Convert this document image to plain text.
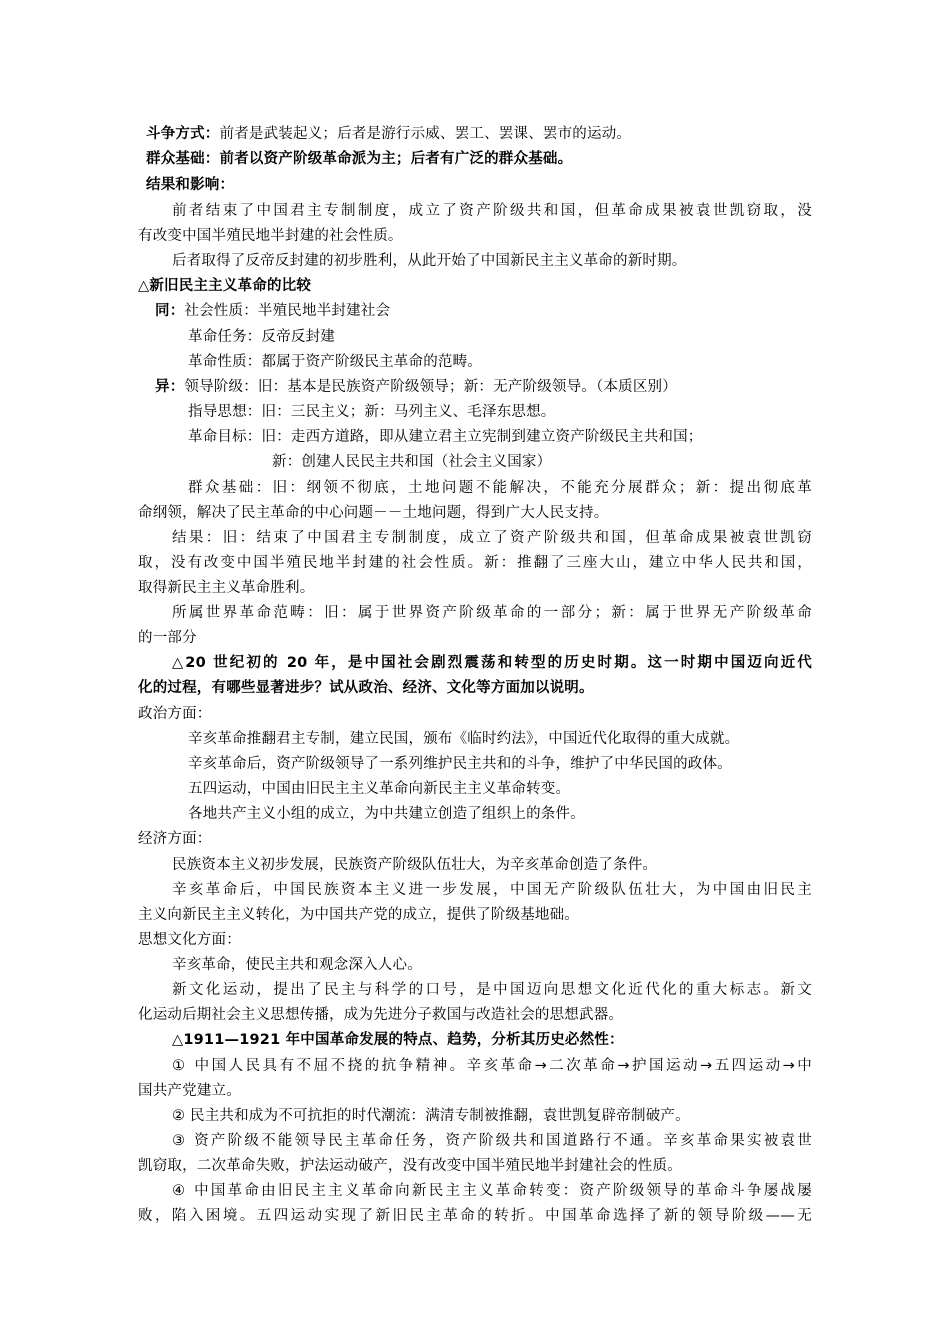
斗争方式：前者是武装起义；后者是游行示威、罢工、罢课、罢市的运动。
群众基础：前者以资产阶级革命派为主；后者有广泛的群众基础。
结果和影响：
前者结束了中国君主专制制度，成立了资产阶级共和国，但革命成果被袁世凯窃取，没
有改变中国半殖民地半封建的社会性质。
后者取得了反帝反封建的初步胜利，从此开始了中国新民主主义革命的新时期。
△新旧民主主义革命的比较
同：社会性质：半殖民地半封建社会
革命任务：反帝反封建
革命性质：都属于资产阶级民主革命的范畴。
异：领导阶级：旧：基本是民族资产阶级领导；新：无产阶级领导。（本质区别）
指导思想：旧：三民主义；新：马列主义、毛泽东思想。
革命目标：旧：走西方道路，即从建立君主立宪制到建立资产阶级民主共和国；
新：创建人民民主共和国（社会主义国家）
群众基础：旧：纲领不彻底，土地问题不能解决，不能充分展群众；新：提出彻底革
命纲领，解决了民主革命的中心问题－－土地问题，得到广大人民支持。
结果：旧：结束了中国君主专制制度，成立了资产阶级共和国，但革命成果被袁世凯窃
取，没有改变中国半殖民地半封建的社会性质。新：推翻了三座大山，建立中华人民共和国，
取得新民主主义革命胜利。
所属世界革命范畴：旧：属于世界资产阶级革命的一部分；新：属于世界无产阶级革命
的一部分
△20 世纪初的 20 年，是中国社会剧烈震荡和转型的历史时期。这一时期中国迈向近代
化的过程，有哪些显著进步？试从政治、经济、文化等方面加以说明。
政治方面：
辛亥革命推翻君主专制，建立民国，颁布《临时约法》，中国近代化取得的重大成就。
辛亥革命后，资产阶级领导了一系列维护民主共和的斗争，维护了中华民国的政体。
五四运动，中国由旧民主主义革命向新民主主义革命转变。
各地共产主义小组的成立，为中共建立创造了组织上的条件。
经济方面：
民族资本主义初步发展，民族资产阶级队伍壮大，为辛亥革命创造了条件。
辛亥革命后，中国民族资本主义进一步发展，中国无产阶级队伍壮大，为中国由旧民主
主义向新民主主义转化，为中国共产党的成立，提供了阶级基地础。
思想文化方面：
辛亥革命，使民主共和观念深入人心。
新文化运动，提出了民主与科学的口号，是中国迈向思想文化近代化的重大标志。新文
化运动后期社会主义思想传播，成为先进分子救国与改造社会的思想武器。
△1911—1921 年中国革命发展的特点、趋势，分析其历史必然性：
① 中国人民具有不屈不挠的抗争精神。辛亥革命→二次革命→护国运动→五四运动→中
国共产党建立。
② 民主共和成为不可抗拒的时代潮流：满清专制被推翻，袁世凯复辟帝制破产。
③ 资产阶级不能领导民主革命任务，资产阶级共和国道路行不通。辛亥革命果实被袁世
凯窃取，二次革命失败，护法运动破产，没有改变中国半殖民地半封建社会的性质。
④ 中国革命由旧民主主义革命向新民主主义革命转变：资产阶级领导的革命斗争屡战屡
败，陷入困境。五四运动实现了新旧民主革命的转折。中国革命选择了新的领导阶级——无
